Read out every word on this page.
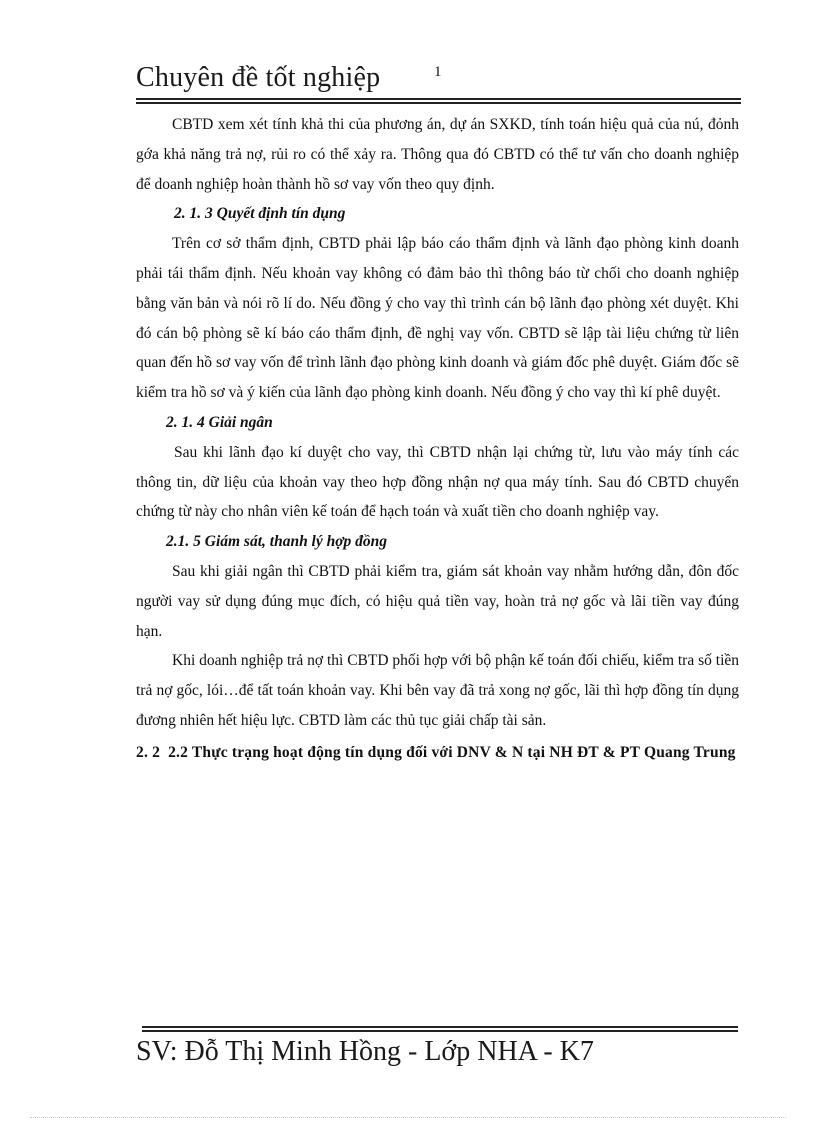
Chuyên đề tốt nghiệp	1

CBTD xem xét tính khả thi của phương án, dự án SXKD, tính toán hiệu quả của nú, đỏnh gớa khả năng trả nợ, rủi ro có thể xảy ra. Thông qua đó CBTD có thể tư vấn cho doanh nghiệp để doanh nghiệp hoàn thành hồ sơ vay vốn theo quy định.

2. 1. 3 Quyết định tín dụng

Trên cơ sở thẩm định, CBTD phải lập báo cáo thẩm định và lãnh đạo phòng kinh doanh phải tái thẩm định. Nếu khoản vay không có đảm bảo thì thông báo từ chối cho doanh nghiệp bằng văn bản và nói rõ lí do. Nếu đồng ý cho vay thì trình cán bộ lãnh đạo phòng xét duyệt. Khi đó cán bộ phòng sẽ kí báo cáo thẩm định, đề nghị vay vốn. CBTD sẽ lập tài liệu chứng từ liên quan đến hồ sơ vay vốn để trình lãnh đạo phòng kinh doanh và giám đốc phê duyệt. Giám đốc sẽ kiểm tra hồ sơ và ý kiến của lãnh đạo phòng kinh doanh. Nếu đồng ý cho vay thì kí phê duyệt.

2. 1. 4 Giải ngân

Sau khi lãnh đạo kí duyệt cho vay, thì CBTD nhận lại chứng từ, lưu vào máy tính các thông tin, dữ liệu của khoản vay theo hợp đồng nhận nợ qua máy tính. Sau đó CBTD chuyển chứng từ này cho nhân viên kế toán để hạch toán và xuất tiền cho doanh nghiệp vay.

2.1. 5 Giám sát, thanh lý hợp đồng

Sau khi giải ngân thì CBTD phải kiểm tra, giám sát khoản vay nhằm hướng dẫn, đôn đốc người vay sử dụng đúng mục đích, có hiệu quả tiền vay, hoàn trả nợ gốc và lãi tiền vay đúng hạn.

Khi doanh nghiệp trả nợ thì CBTD phối hợp với bộ phận kế toán đối chiếu, kiểm tra số tiền trả nợ gốc, lói…để tất toán khoản vay. Khi bên vay đã trả xong nợ gốc, lãi thì hợp đồng tín dụng đương nhiên hết hiệu lực. CBTD làm các thủ tục giải chấp tài sản.

2. 2 2.2 Thực trạng hoạt động tín dụng đối với DNV & N tại NH ĐT & PT Quang Trung

SV: Đỗ Thị Minh Hồng - Lớp NHA - K7
